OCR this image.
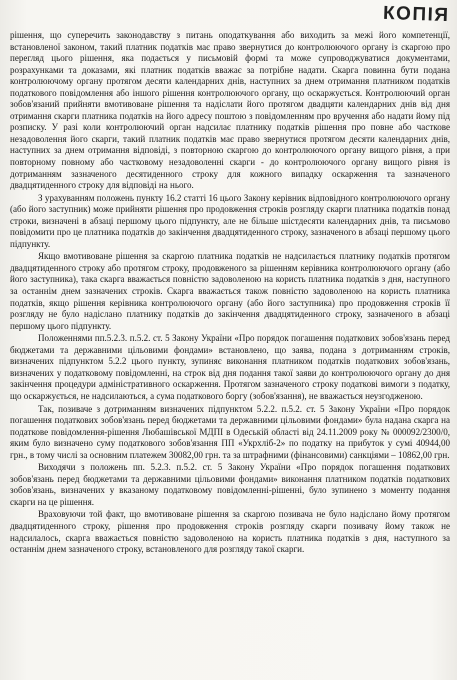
КОПІЯ

рішення, що суперечить законодавству з питань оподаткування або виходить за межі його компетенції, встановленої законом, такий платник податків має право звернутися до контролюючого органу із скаргою про перегляд цього рішення, яка подається у письмовій формі та може супроводжуватися документами, розрахунками та доказами, які платник податків вважає за потрібне надати. Скарга повинна бути подана контролюючому органу протягом десяти календарних днів, наступних за днем отримання платником податків податкового повідомлення або іншого рішення контролюючого органу, що оскаржується. Контролюючий орган зобов'язаний прийняти вмотивоване рішення та надіслати його протягом двадцяти календарних днів від дня отримання скарги платника податків на його адресу поштою з повідомленням про вручення або надати йому під розписку. У разі коли контролюючий орган надсилає платнику податків рішення про повне або часткове незадоволення його скарги, такий платник податків має право звернутися протягом десяти календарних днів, наступних за днем отримання відповіді, з повторною скаргою до контролюючого органу вищого рівня, а при повторному повному або частковому незадоволенні скарги - до контролюючого органу вищого рівня із дотриманням зазначеного десятиденного строку для кожного випадку оскарження та зазначеного двадцятиденного строку для відповіді на нього.

З урахуванням положень пункту 16.2 статті 16 цього Закону керівник відповідного контролюючого органу (або його заступник) може прийняти рішення про продовження строків розгляду скарги платника податків понад строки, визначені в абзаці першому цього підпункту, але не більше шістдесяти календарних днів, та письмово повідомити про це платника податків до закінчення двадцятиденного строку, зазначеного в абзаці першому цього підпункту.

Якщо вмотивоване рішення за скаргою платника податків не надсилається платнику податків протягом двадцятиденного строку або протягом строку, продовженого за рішенням керівника контролюючого органу (або його заступника), така скарга вважається повністю задоволеною на користь платника податків з дня, наступного за останнім днем зазначених строків. Скарга вважається також повністю задоволеною на користь платника податків, якщо рішення керівника контролюючого органу (або його заступника) про продовження строків її розгляду не було надіслано платнику податків до закінчення двадцятиденного строку, зазначеного в абзаці першому цього підпункту.

Положеннями пп.5.2.3. п.5.2. ст. 5 Закону України «Про порядок погашення податкових зобов'язань перед бюджетами та державними цільовими фондами» встановлено, що заява, подана з дотриманням строків, визначених підпунктом 5.2.2 цього пункту, зупиняє виконання платником податків податкових зобов'язань, визначених у податковому повідомленні, на строк від дня подання такої заяви до контролюючого органу до дня закінчення процедури адміністративного оскарження. Протягом зазначеного строку податкові вимоги з податку, що оскаржується, не надсилаються, а сума податкового боргу (зобов'язання), не вважається неузгодженою.

Так, позиваче з дотриманням визначених підпунктом 5.2.2. п.5.2. ст. 5 Закону України «Про порядок погашення податкових зобов'язань перед бюджетами та державними цільовими фондами» була надана скарга на податкове повідомлення-рішення Любашівської МДПІ в Одеській області від 24.11.2009 року № 000092/2300/0, яким було визначено суму податкового зобов'язання ПП «Укрхліб-2» по податку на прибуток у сумі 40944,00 грн., в тому числі за основним платежем 30082,00 грн. та за штрафними (фінансовими) санкціями – 10862,00 грн.

Виходячи з положень пп. 5.2.3. п.5.2. ст. 5 Закону України «Про порядок погашення податкових зобов'язань перед бюджетами та державними цільовими фондами» виконання платником податків податкових зобов'язань, визначених у вказаному податковому повідомленні-рішенні, було зупинено з моменту подання скарги на це рішення.

Враховуючи той факт, що вмотивоване рішення за скаргою позивача не було надіслано йому протягом двадцятиденного строку, рішення про продовження строків розгляду скарги позивачу йому також не надсилалось, скарга вважається повністю задоволеною на користь платника податків з дня, наступного за останнім днем зазначеного строку, встановленого для розгляду такої скарги.
